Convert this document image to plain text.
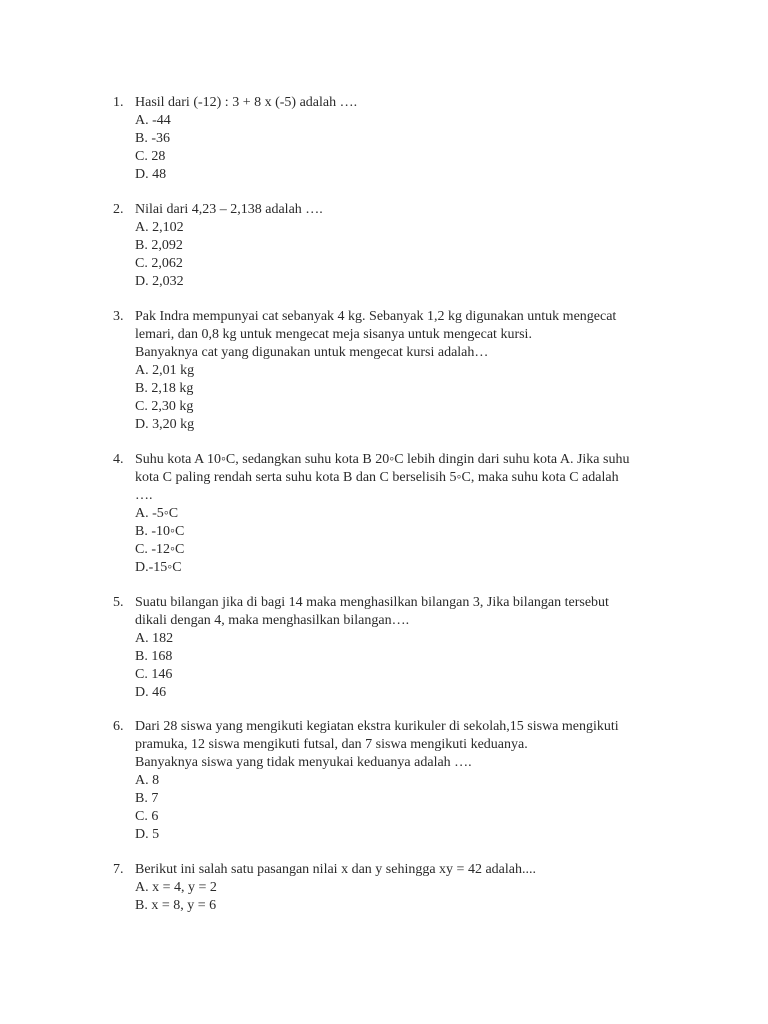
1. Hasil dari (-12) : 3 + 8 x (-5) adalah ….
A. -44
B. -36
C. 28
D. 48
2. Nilai dari 4,23 – 2,138 adalah ….
A. 2,102
B. 2,092
C. 2,062
D. 2,032
3. Pak Indra mempunyai cat sebanyak 4 kg. Sebanyak 1,2 kg digunakan untuk mengecat
lemari, dan 0,8 kg untuk mengecat meja sisanya untuk mengecat kursi.
Banyaknya cat yang digunakan untuk mengecat kursi adalah…
A. 2,01 kg
B. 2,18 kg
C. 2,30 kg
D. 3,20 kg
4. Suhu kota A 10◦C, sedangkan suhu kota B 20◦C lebih dingin dari suhu kota A. Jika suhu
kota C paling rendah serta suhu kota B dan C berselisih 5◦C, maka suhu kota C adalah
….
A. -5◦C
B. -10◦C
C. -12◦C
D.-15◦C
5. Suatu bilangan jika di bagi 14 maka menghasilkan bilangan 3, Jika bilangan tersebut
dikali dengan 4, maka menghasilkan bilangan….
A. 182
B. 168
C. 146
D. 46
6. Dari 28 siswa yang mengikuti kegiatan ekstra kurikuler di sekolah,15 siswa mengikuti
pramuka, 12 siswa mengikuti futsal, dan 7 siswa mengikuti keduanya.
Banyaknya siswa yang tidak menyukai keduanya adalah ….
A. 8
B. 7
C. 6
D. 5
7. Berikut ini salah satu pasangan nilai x dan y sehingga xy = 42 adalah....
A. x = 4, y = 2
B. x = 8, y = 6
